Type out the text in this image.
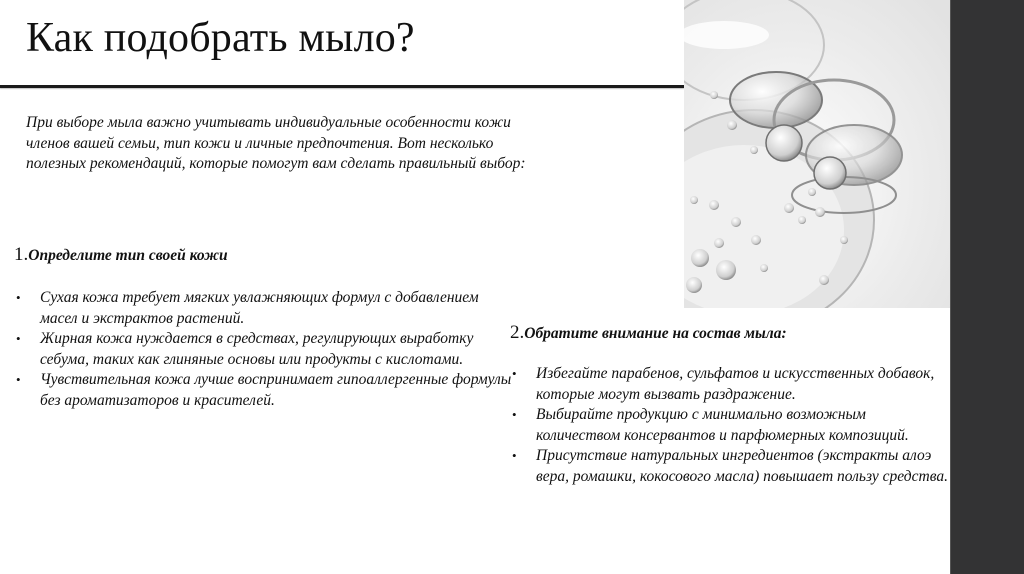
Как подобрать мыло?

При выборе мыла важно учитывать индивидуальные особенности кожи членов вашей семьи, тип кожи и личные предпочтения. Вот несколько полезных рекомендаций, которые помогут вам сделать правильный выбор:

1.Определите тип своей кожи
• Сухая кожа требует мягких увлажняющих формул с добавлением масел и экстрактов растений.
• Жирная кожа нуждается в средствах, регулирующих выработку себума, таких как глиняные основы или продукты с кислотами.
• Чувствительная кожа лучше воспринимает гипоаллергенные формулы без ароматизаторов и красителей.
2.Обратите внимание на состав мыла:
• Избегайте парабенов, сульфатов и искусственных добавок, которые могут вызвать раздражение.
• Выбирайте продукцию с минимально возможным количеством консервантов и парфюмерных композиций.
• Присутствие натуральных ингредиентов (экстракты алоэ вера, ромашки, кокосового масла) повышает пользу средства.
